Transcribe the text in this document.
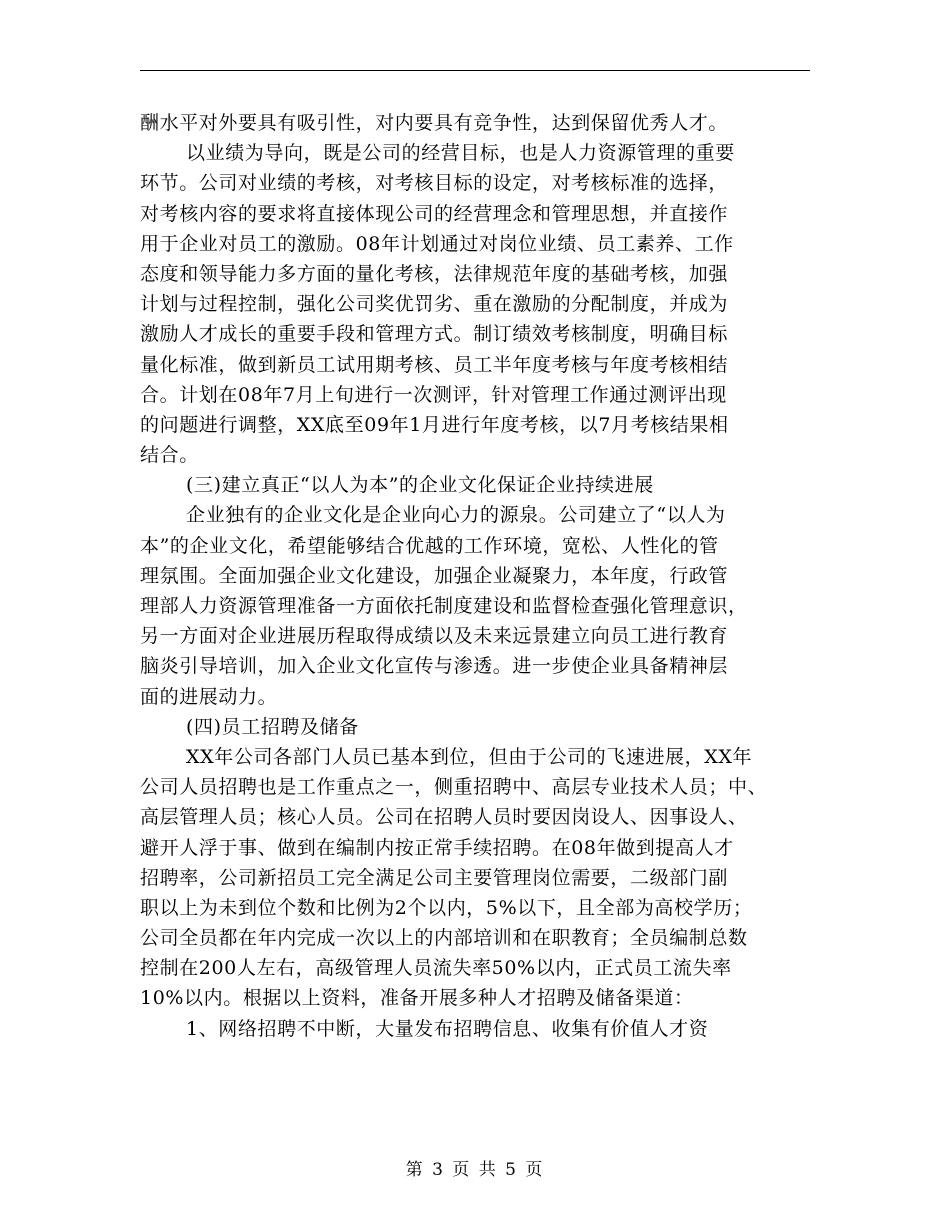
酬水平对外要具有吸引性，对内要具有竞争性，达到保留优秀人才。
以业绩为导向，既是公司的经营目标，也是人力资源管理的重要
环节。公司对业绩的考核，对考核目标的设定，对考核标准的选择，
对考核内容的要求将直接体现公司的经营理念和管理思想，并直接作
用于企业对员工的激励。08年计划通过对岗位业绩、员工素养、工作
态度和领导能力多方面的量化考核，法律规范年度的基础考核，加强
计划与过程控制，强化公司奖优罚劣、重在激励的分配制度，并成为
激励人才成长的重要手段和管理方式。制订绩效考核制度，明确目标
量化标准，做到新员工试用期考核、员工半年度考核与年度考核相结
合。计划在08年7月上旬进行一次测评，针对管理工作通过测评出现
的问题进行调整，XX底至09年1月进行年度考核，以7月考核结果相
结合。
(三)建立真正“以人为本”的企业文化保证企业持续进展
企业独有的企业文化是企业向心力的源泉。公司建立了“以人为
本”的企业文化，希望能够结合优越的工作环境，宽松、人性化的管
理氛围。全面加强企业文化建设，加强企业凝聚力，本年度，行政管
理部人力资源管理准备一方面依托制度建设和监督检查强化管理意识，
另一方面对企业进展历程取得成绩以及未来远景建立向员工进行教育
脑炎引导培训，加入企业文化宣传与渗透。进一步使企业具备精神层
面的进展动力。
(四)员工招聘及储备
XX年公司各部门人员已基本到位，但由于公司的飞速进展，XX年
公司人员招聘也是工作重点之一，侧重招聘中、高层专业技术人员；中、
高层管理人员；核心人员。公司在招聘人员时要因岗设人、因事设人、
避开人浮于事、做到在编制内按正常手续招聘。在08年做到提高人才
招聘率，公司新招员工完全满足公司主要管理岗位需要，二级部门副
职以上为未到位个数和比例为2个以内，5%以下，且全部为高校学历；
公司全员都在年内完成一次以上的内部培训和在职教育；全员编制总数
控制在200人左右，高级管理人员流失率50%以内，正式员工流失率
10%以内。根据以上资料，准备开展多种人才招聘及储备渠道：
1、网络招聘不中断，大量发布招聘信息、收集有价值人才资
第 3 页 共 5 页
